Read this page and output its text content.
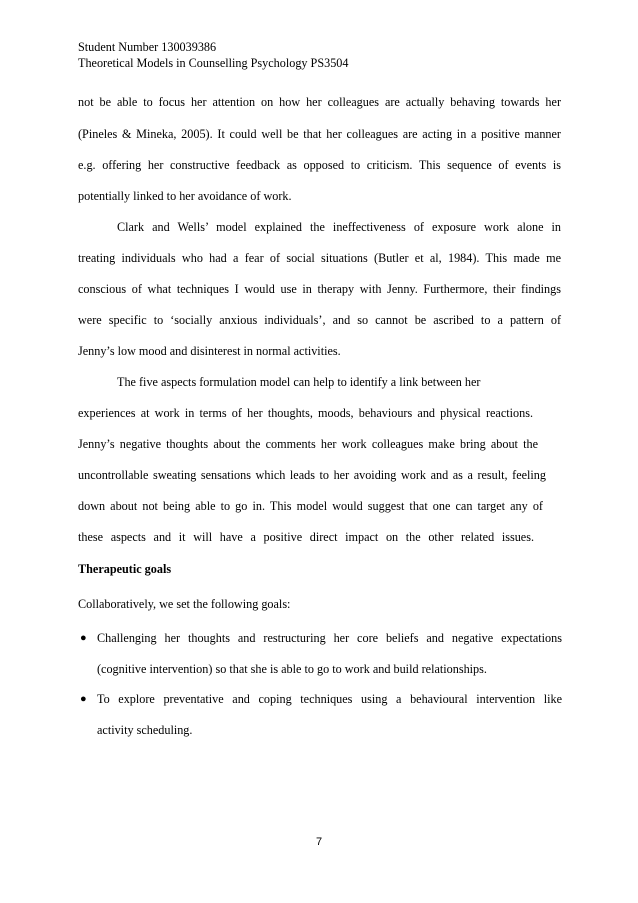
Student Number 130039386
Theoretical Models in Counselling Psychology PS3504
not be able to focus her attention on how her colleagues are actually behaving towards her
(Pineles & Mineka, 2005). It could well be that her colleagues are acting in a positive manner
e.g. offering her constructive feedback as opposed to criticism. This sequence of events is
potentially linked to her avoidance of work.
Clark and Wells’ model explained the ineffectiveness of exposure work alone in
treating individuals who had a fear of social situations (Butler et al, 1984). This made me
conscious of what techniques I would use in therapy with Jenny. Furthermore, their findings
were specific to ‘socially anxious individuals’, and so cannot be ascribed to a pattern of
Jenny’s low mood and disinterest in normal activities.
The five aspects formulation model can help to identify a link between her
experiences at work in terms of her thoughts, moods, behaviours and physical reactions.
Jenny’s negative thoughts about the comments her work colleagues make bring about the
uncontrollable sweating sensations which leads to her avoiding work and as a result, feeling
down about not being able to go in. This model would suggest that one can target any of
these aspects and it will have a positive direct impact on the other related issues.
Therapeutic goals
Collaboratively, we set the following goals:
● Challenging her thoughts and restructuring her core beliefs and negative expectations
(cognitive intervention) so that she is able to go to work and build relationships.
● To explore preventative and coping techniques using a behavioural intervention like
activity scheduling.
7
